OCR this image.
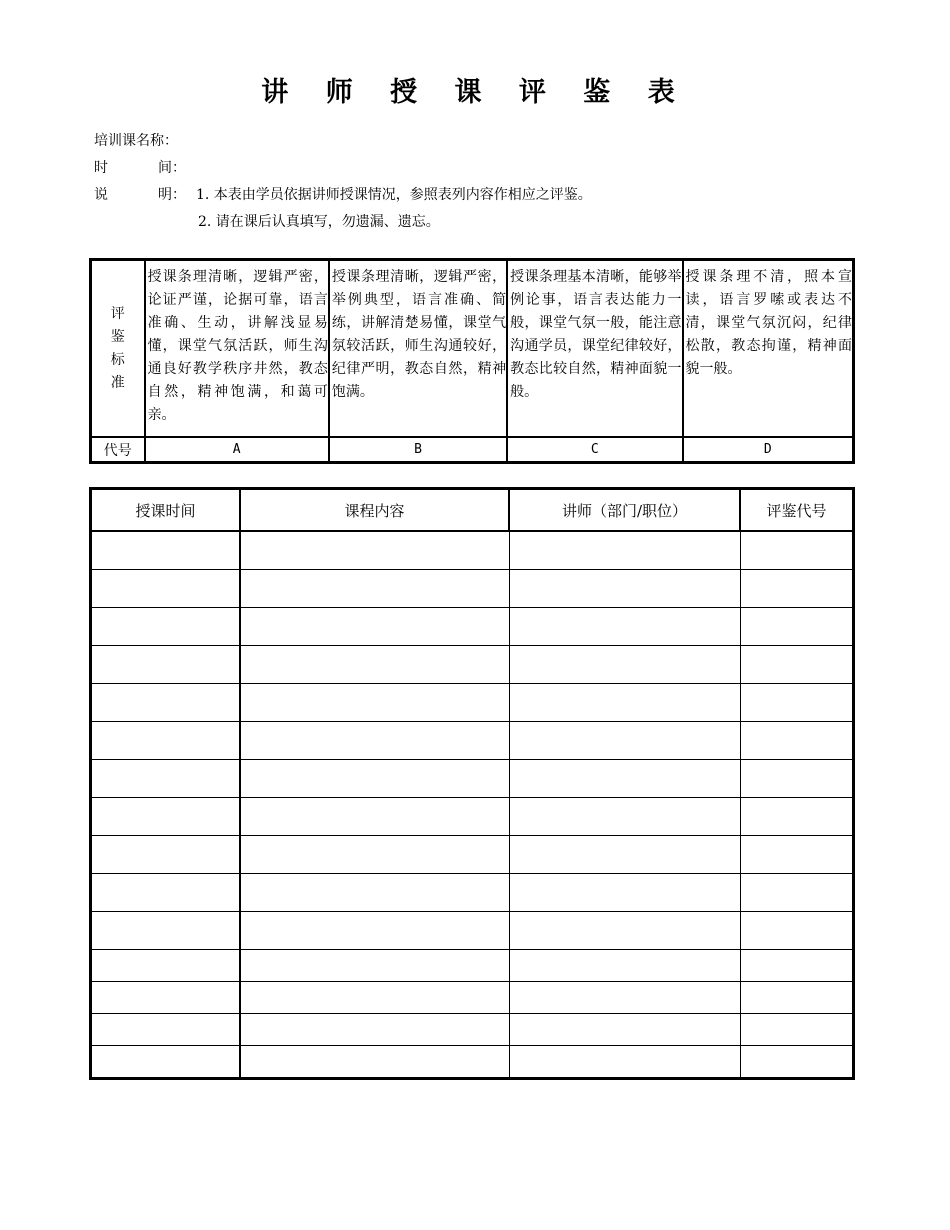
讲 师 授 课 评 鉴 表
培训课名称：
时	间：
说	明： 1. 本表由学员依据讲师授课情况，参照表列内容作相应之评鉴。
2. 请在课后认真填写，勿遗漏、遗忘。
评
鉴
标
准	授课条理清晰，逻辑严密，论证严谨，论据可靠，语言准确、生动，讲解浅显易懂，课堂气氛活跃，师生沟通良好教学秩序井然，教态自然，精神饱满，和蔼可亲。	授课条理清晰，逻辑严密，举例典型，语言准确、简练，讲解清楚易懂，课堂气氛较活跃，师生沟通较好，纪律严明，教态自然，精神饱满。	授课条理基本清晰，能够举例论事，语言表达能力一般，课堂气氛一般，能注意沟通学员，课堂纪律较好，教态比较自然，精神面貌一般。	授课条理不清，照本宣读，语言罗嗦或表达不清，课堂气氛沉闷，纪律松散，教态拘谨，精神面貌一般。
代号	A	B	C	D
授课时间	课程内容	讲师（部门/职位）	评鉴代号
